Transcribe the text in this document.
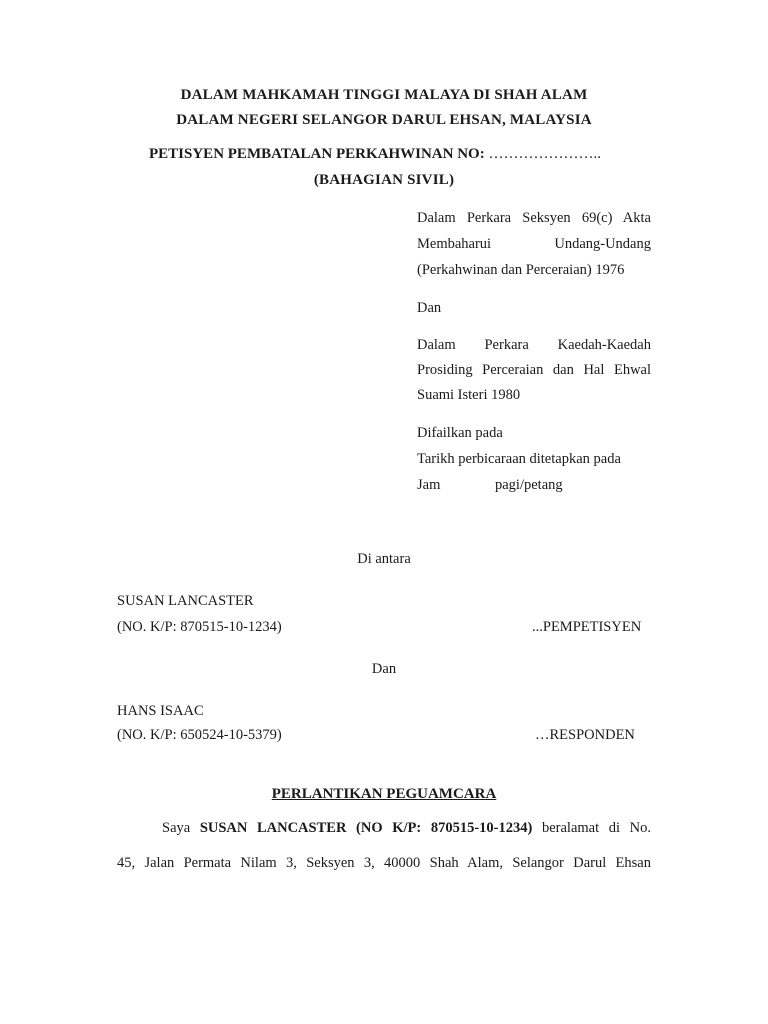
DALAM MAHKAMAH TINGGI MALAYA DI SHAH ALAM
DALAM NEGERI SELANGOR DARUL EHSAN, MALAYSIA
PETISYEN PEMBATALAN PERKAHWINAN NO: …………………..
(BAHAGIAN SIVIL)
Dalam Perkara Seksyen 69(c) Akta
Membaharui Undang-Undang
(Perkahwinan dan Perceraian) 1976
Dan
Dalam Perkara Kaedah-Kaedah
Prosiding Perceraian dan Hal Ehwal
Suami Isteri 1980
Difailkan pada
Tarikh perbicaraan ditetapkan pada
Jam	pagi/petang
Di antara
SUSAN LANCASTER
(NO. K/P: 870515-10-1234)	...PEMPETISYEN
Dan
HANS ISAAC
(NO. K/P: 650524-10-5379)	…RESPONDEN
PERLANTIKAN PEGUAMCARA
Saya SUSAN LANCASTER (NO K/P: 870515-10-1234) beralamat di No.
45, Jalan Permata Nilam 3, Seksyen 3, 40000 Shah Alam, Selangor Darul Ehsan
